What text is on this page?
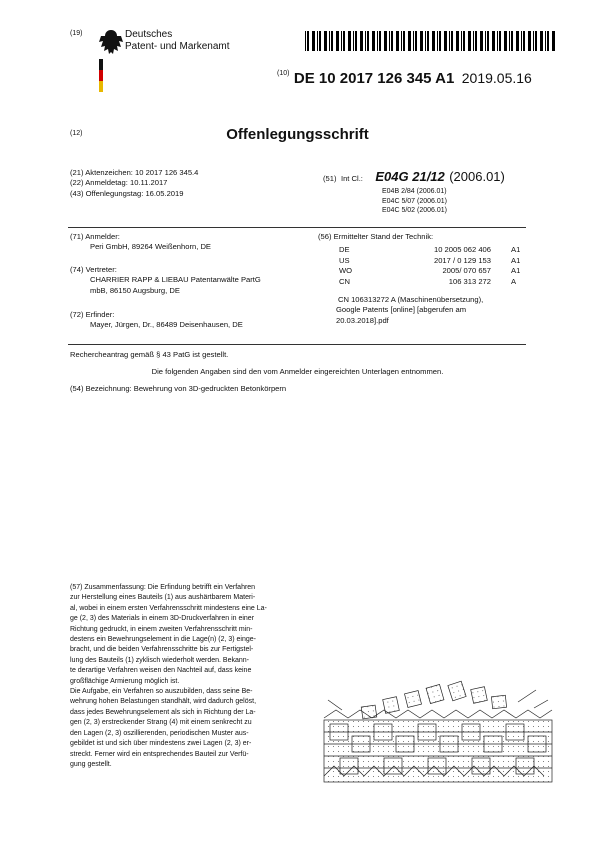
(19)	Deutsches
Patent- und Markenamt
$^{(10)}$ DE 10 2017 126 345 A1 2019.05.16
(12)	Offenlegungsschrift
(21) Aktenzeichen: 10 2017 126 345.4
(22) Anmeldetag: 10.11.2017
(43) Offenlegungstag: 16.05.2019
(51) Int Cl.: E04G 21/12 (2006.01)
E04B 2/84 (2006.01)
E04C 5/07 (2006.01)
E04C 5/02 (2006.01)
(71) Anmelder:
Peri GmbH, 89264 Weißenhorn, DE
(74) Vertreter:
CHARRIER RAPP & LIEBAU Patentanwälte PartG
mbB, 86150 Augsburg, DE
(72) Erfinder:
Mayer, Jürgen, Dr., 86489 Deisenhausen, DE
(56) Ermittelter Stand der Technik:
DE	10 2005 062 406	A1
US	2017 / 0 129 153	A1
WO	2005/ 070 657	A1
CN	106 313 272	A
CN 106313272 A (Maschinenübersetzung),
Google Patents [online] [abgerufen am
20.03.2018].pdf
Rechercheantrag gemäß § 43 PatG ist gestellt.
Die folgenden Angaben sind den vom Anmelder eingereichten Unterlagen entnommen.
(54) Bezeichnung: Bewehrung von 3D-gedruckten Betonkörpern
(57) Zusammenfassung: Die Erfindung betrifft ein Verfahren
zur Herstellung eines Bauteils (1) aus aushärtbarem Materi-
al, wobei in einem ersten Verfahrensschritt mindestens eine La-
ge (2, 3) des Materials in einem 3D-Druckverfahren in einer
Richtung gedruckt, in einem zweiten Verfahrensschritt min-
destens ein Bewehrungselement in die Lage(n) (2, 3) einge-
bracht, und die beiden Verfahrensschritte bis zur Fertigstel-
lung des Bauteils (1) zyklisch wiederholt werden. Bekann-
te derartige Verfahren weisen den Nachteil auf, dass keine
großflächige Armierung möglich ist.
Die Aufgabe, ein Verfahren so auszubilden, dass seine Be-
wehrung hohen Belastungen standhält, wird dadurch gelöst,
dass jedes Bewehrungselement als sich in Richtung der La-
gen (2, 3) erstreckender Strang (4) mit einem senkrecht zu
den Lagen (2, 3) oszillierenden, periodischen Muster aus-
gebildet ist und sich über mindestens zwei Lagen (2, 3) er-
streckt. Ferner wird ein entsprechendes Bauteil zur Verfü-
gung gestellt.
